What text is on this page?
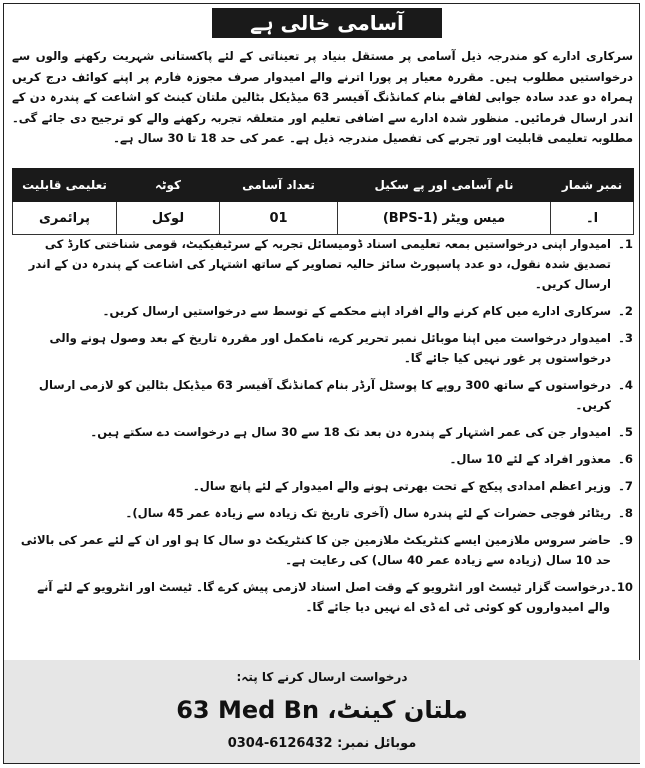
آسامی خالی ہے
سرکاری ادارے کو مندرجہ ذیل آسامی پر مستقل بنیاد پر تعیناتی کے لئے پاکستانی شہریت رکھنے والوں سے درخواستیں مطلوب ہیں۔ مقررہ معیار پر پورا اترنے والے امیدوار صرف مجوزہ فارم پر اپنے کوائف درج کریں ہمراہ دو عدد سادہ جوابی لفافے بنام کمانڈنگ آفیسر 63 میڈیکل بٹالین ملتان کینٹ کو اشاعت کے پندرہ دن کے اندر ارسال فرمائیں۔ منظور شدہ ادارے سے اضافی تعلیم اور متعلقہ تجربہ رکھنے والے کو ترجیح دی جائے گی۔ مطلوبہ تعلیمی قابلیت اور تجربے کی تفصیل مندرجہ ذیل ہے۔ عمر کی حد 18 تا 30 سال ہے۔
نمبر شمار	نام آسامی اور پے سکیل	تعداد آسامی	کوٹہ	تعلیمی قابلیت
ا۔	میس ویٹر (BPS-1)	01	لوکل	پرائمری
1۔
امیدوار اپنی درخواستیں بمعہ تعلیمی اسناد ڈومیسائل تجربہ کے سرٹیفیکیٹ، قومی شناختی کارڈ کی تصدیق شدہ نقول، دو عدد پاسپورٹ سائز حالیہ تصاویر کے ساتھ اشتہار کی اشاعت کے پندرہ دن کے اندر ارسال کریں۔
2۔
سرکاری ادارے میں کام کرنے والے افراد اپنے محکمے کے توسط سے درخواستیں ارسال کریں۔
3۔
امیدوار درخواست میں اپنا موبائل نمبر تحریر کرے، نامکمل اور مقررہ تاریخ کے بعد وصول ہونے والی درخواستوں پر غور نہیں کیا جائے گا۔
4۔
درخواستوں کے ساتھ 300 روپے کا پوسٹل آرڈر بنام کمانڈنگ آفیسر 63 میڈیکل بٹالین کو لازمی ارسال کریں۔
5۔
امیدوار جن کی عمر اشتہار کے پندرہ دن بعد تک 18 سے 30 سال ہے درخواست دے سکتے ہیں۔
6۔
معذور افراد کے لئے 10 سال۔
7۔
وزیر اعظم امدادی پیکج کے تحت بھرتی ہونے والے امیدوار کے لئے پانچ سال۔
8۔
ریٹائر فوجی حضرات کے لئے پندرہ سال (آخری تاریخ تک زیادہ سے زیادہ عمر 45 سال)۔
9۔
حاضر سروس ملازمین ایسے کنٹریکٹ ملازمین جن کا کنٹریکٹ دو سال کا ہو اور ان کے لئے عمر کی بالائی حد 10 سال (زیادہ سے زیادہ عمر 40 سال) کی رعایت ہے۔
10۔
درخواست گزار ٹیسٹ اور انٹرویو کے وقت اصل اسناد لازمی پیش کرے گا۔ ٹیسٹ اور انٹرویو کے لئے آنے والے امیدواروں کو کوئی ٹی اے ڈی اے نہیں دیا جائے گا۔
درخواست ارسال کرنے کا پتہ:
ملتان کینٹ، 63 Med Bn
موبائل نمبر: 0304-6126432
